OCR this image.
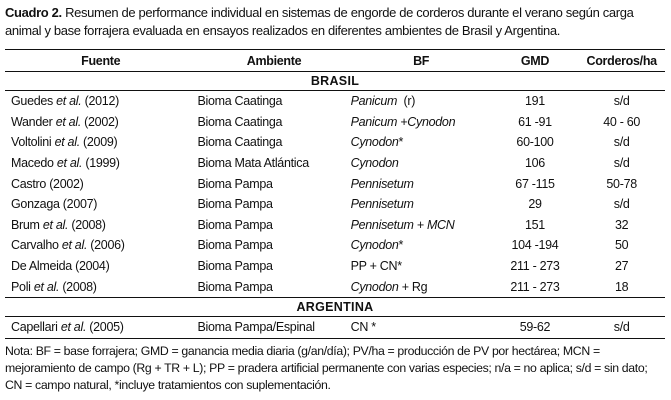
Cuadro 2. Resumen de performance individual en sistemas de engorde de corderos durante el verano según carga animal y base forrajera evaluada en ensayos realizados en diferentes ambientes de Brasil y Argentina.
Fuente	Ambiente	BF	GMD	Corderos/ha
BRASIL				
Guedes et al. (2012)	Bioma Caatinga	Panicum  (r)	191	s/d
Wander et al. (2002)	Bioma Caatinga	Panicum +Cynodon	61 -91	40 - 60
Voltolini et al. (2009)	Bioma Caatinga	Cynodon*	60-100	s/d
Macedo et al. (1999)	Bioma Mata Atlántica	Cynodon	106	s/d
Castro (2002)	Bioma Pampa	Pennisetum	67 -115	50-78
Gonzaga (2007)	Bioma Pampa	Pennisetum	29	s/d
Brum et al. (2008)	Bioma Pampa	Pennisetum + MCN	151	32
Carvalho et al. (2006)	Bioma Pampa	Cynodon*	104 -194	50
De Almeida (2004)	Bioma Pampa	PP + CN*	211 - 273	27
Poli et al. (2008)	Bioma Pampa	Cynodon + Rg	211 - 273	18
ARGENTINA				
Capellari et al. (2005)	Bioma Pampa/Espinal	CN *	59-62	s/d
Nota: BF = base forrajera; GMD = ganancia media diaria (g/an/día); PV/ha = producción de PV por hectárea; MCN = mejoramiento de campo (Rg + TR + L); PP = pradera artificial permanente con varias especies; n/a = no aplica; s/d = sin dato; CN = campo natural, *incluye tratamientos con suplementación.
